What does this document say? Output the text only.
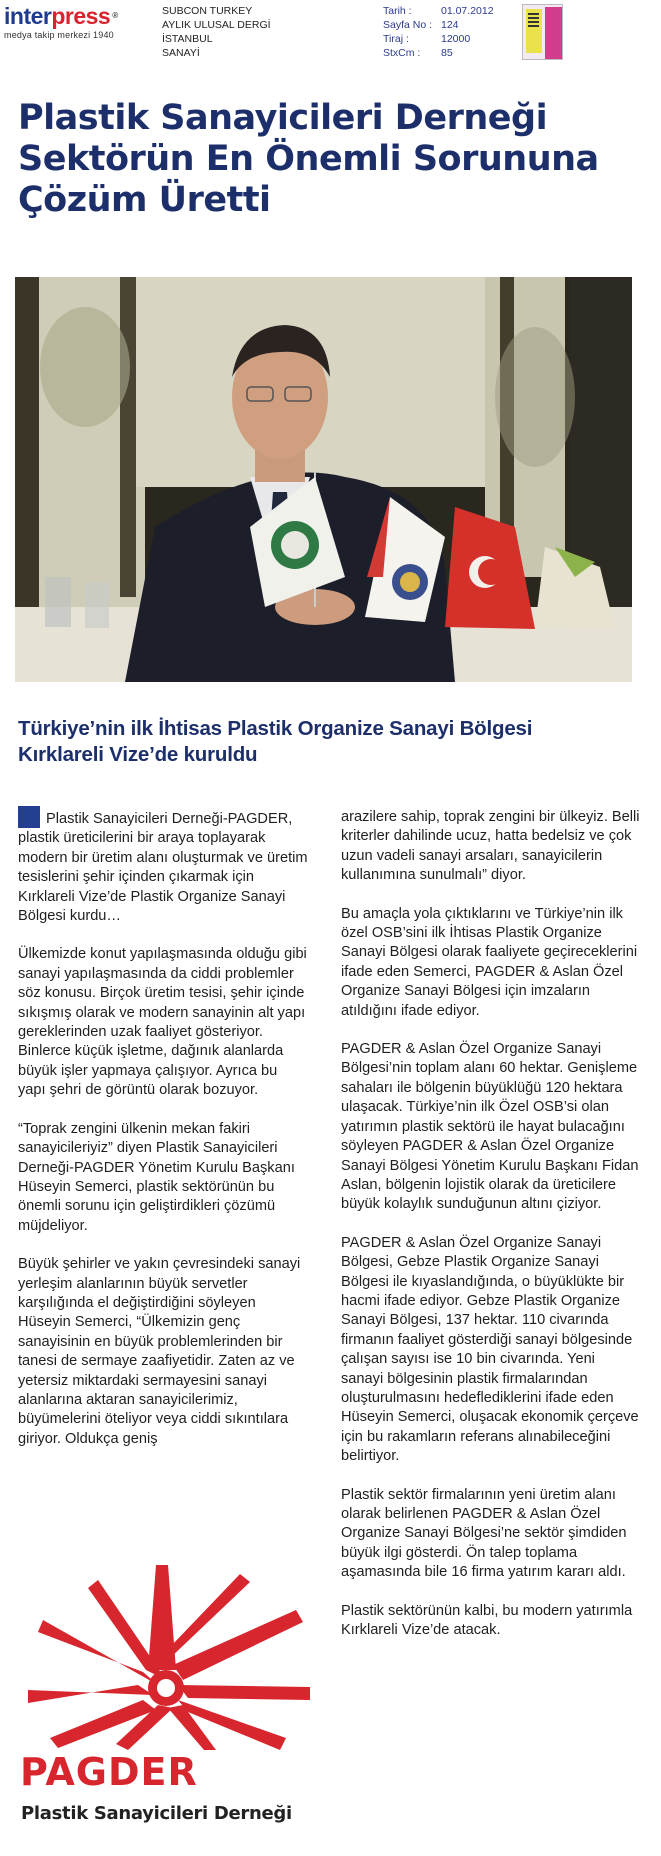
interpress ®
medya takip merkezi 1940
SUBCON TURKEY
AYLIK ULUSAL DERGİ
İSTANBUL
SANAYİ
Tarih :	01.07.2012
Sayfa No : 124
Tiraj :	12000
StxCm :	85
Plastik Sanayicileri Derneği
Sektörün En Önemli Sorununa
Çözüm Üretti
Türkiye’nin ilk İhtisas Plastik Organize Sanayi Bölgesi
Kırklareli Vize’de kuruldu

Plastik Sanayicileri Derneği-PAGDER, plastik üreticilerini bir araya toplayarak modern bir üretim alanı oluşturmak ve üretim tesislerini şehir içinden çıkarmak için Kırklareli Vize’de Plastik Organize Sanayi Bölgesi kurdu…

Ülkemizde konut yapılaşmasında olduğu gibi sanayi yapılaşmasında da ciddi problemler söz konusu. Birçok üretim tesisi, şehir içinde sıkışmış olarak ve modern sanayinin alt yapı gereklerinden uzak faaliyet gösteriyor. Binlerce küçük işletme, dağınık alanlarda büyük işler yapmaya çalışıyor. Ayrıca bu yapı şehri de görüntü olarak bozuyor.

“Toprak zengini ülkenin mekan fakiri sanayicileriyiz” diyen Plastik Sanayicileri Derneği-PAGDER Yönetim Kurulu Başkanı Hüseyin Semerci, plastik sektörünün bu önemli sorunu için geliştirdikleri çözümü müjdeliyor.

Büyük şehirler ve yakın çevresindeki sanayi yerleşim alanlarının büyük servetler karşılığında el değiştirdiğini söyleyen Hüseyin Semerci, “Ülkemizin genç sanayisinin en büyük problemlerinden bir tanesi de sermaye zaafiyetidir. Zaten az ve yetersiz miktardaki sermayesini sanayi alanlarına aktaran sanayicilerimiz, büyümelerini öteliyor veya ciddi sıkıntılara giriyor. Oldukça geniş

arazilere sahip, toprak zengini bir ülkeyiz. Belli kriterler dahilinde ucuz, hatta bedelsiz ve çok uzun vadeli sanayi arsaları, sanayicilerin kullanımına sunulmalı” diyor.

Bu amaçla yola çıktıklarını ve Türkiye’nin ilk özel OSB’sini ilk İhtisas Plastik Organize Sanayi Bölgesi olarak faaliyete geçireceklerini ifade eden Semerci, PAGDER & Aslan Özel Organize Sanayi Bölgesi için imzaların atıldığını ifade ediyor.

PAGDER & Aslan Özel Organize Sanayi Bölgesi’nin toplam alanı 60 hektar. Genişleme sahaları ile bölgenin büyüklüğü 120 hektara ulaşacak. Türkiye’nin ilk Özel OSB’si olan yatırımın plastik sektörü ile hayat bulacağını söyleyen PAGDER & Aslan Özel Organize Sanayi Bölgesi Yönetim Kurulu Başkanı Fidan Aslan, bölgenin lojistik olarak da üreticilere büyük kolaylık sunduğunun altını çiziyor.

PAGDER & Aslan Özel Organize Sanayi Bölgesi, Gebze Plastik Organize Sanayi Bölgesi ile kıyaslandığında, o büyüklükte bir hacmi ifade ediyor. Gebze Plastik Organize Sanayi Bölgesi, 137 hektar. 110 civarında firmanın faaliyet gösterdiği sanayi bölgesinde çalışan sayısı ise 10 bin civarında. Yeni sanayi bölgesinin plastik firmalarından oluşturulmasını hedeflediklerini ifade eden Hüseyin Semerci, oluşacak ekonomik çerçeve için bu rakamların referans alınabileceğini belirtiyor.

Plastik sektör firmalarının yeni üretim alanı olarak belirlenen PAGDER & Aslan Özel Organize Sanayi Bölgesi’ne sektör şimdiden büyük ilgi gösterdi. Ön talep toplama aşamasında bile 16 firma yatırım kararı aldı.

Plastik sektörünün kalbi, bu modern yatırımla Kırklareli Vize’de atacak.

PAGDER
Plastik Sanayicileri Derneği
